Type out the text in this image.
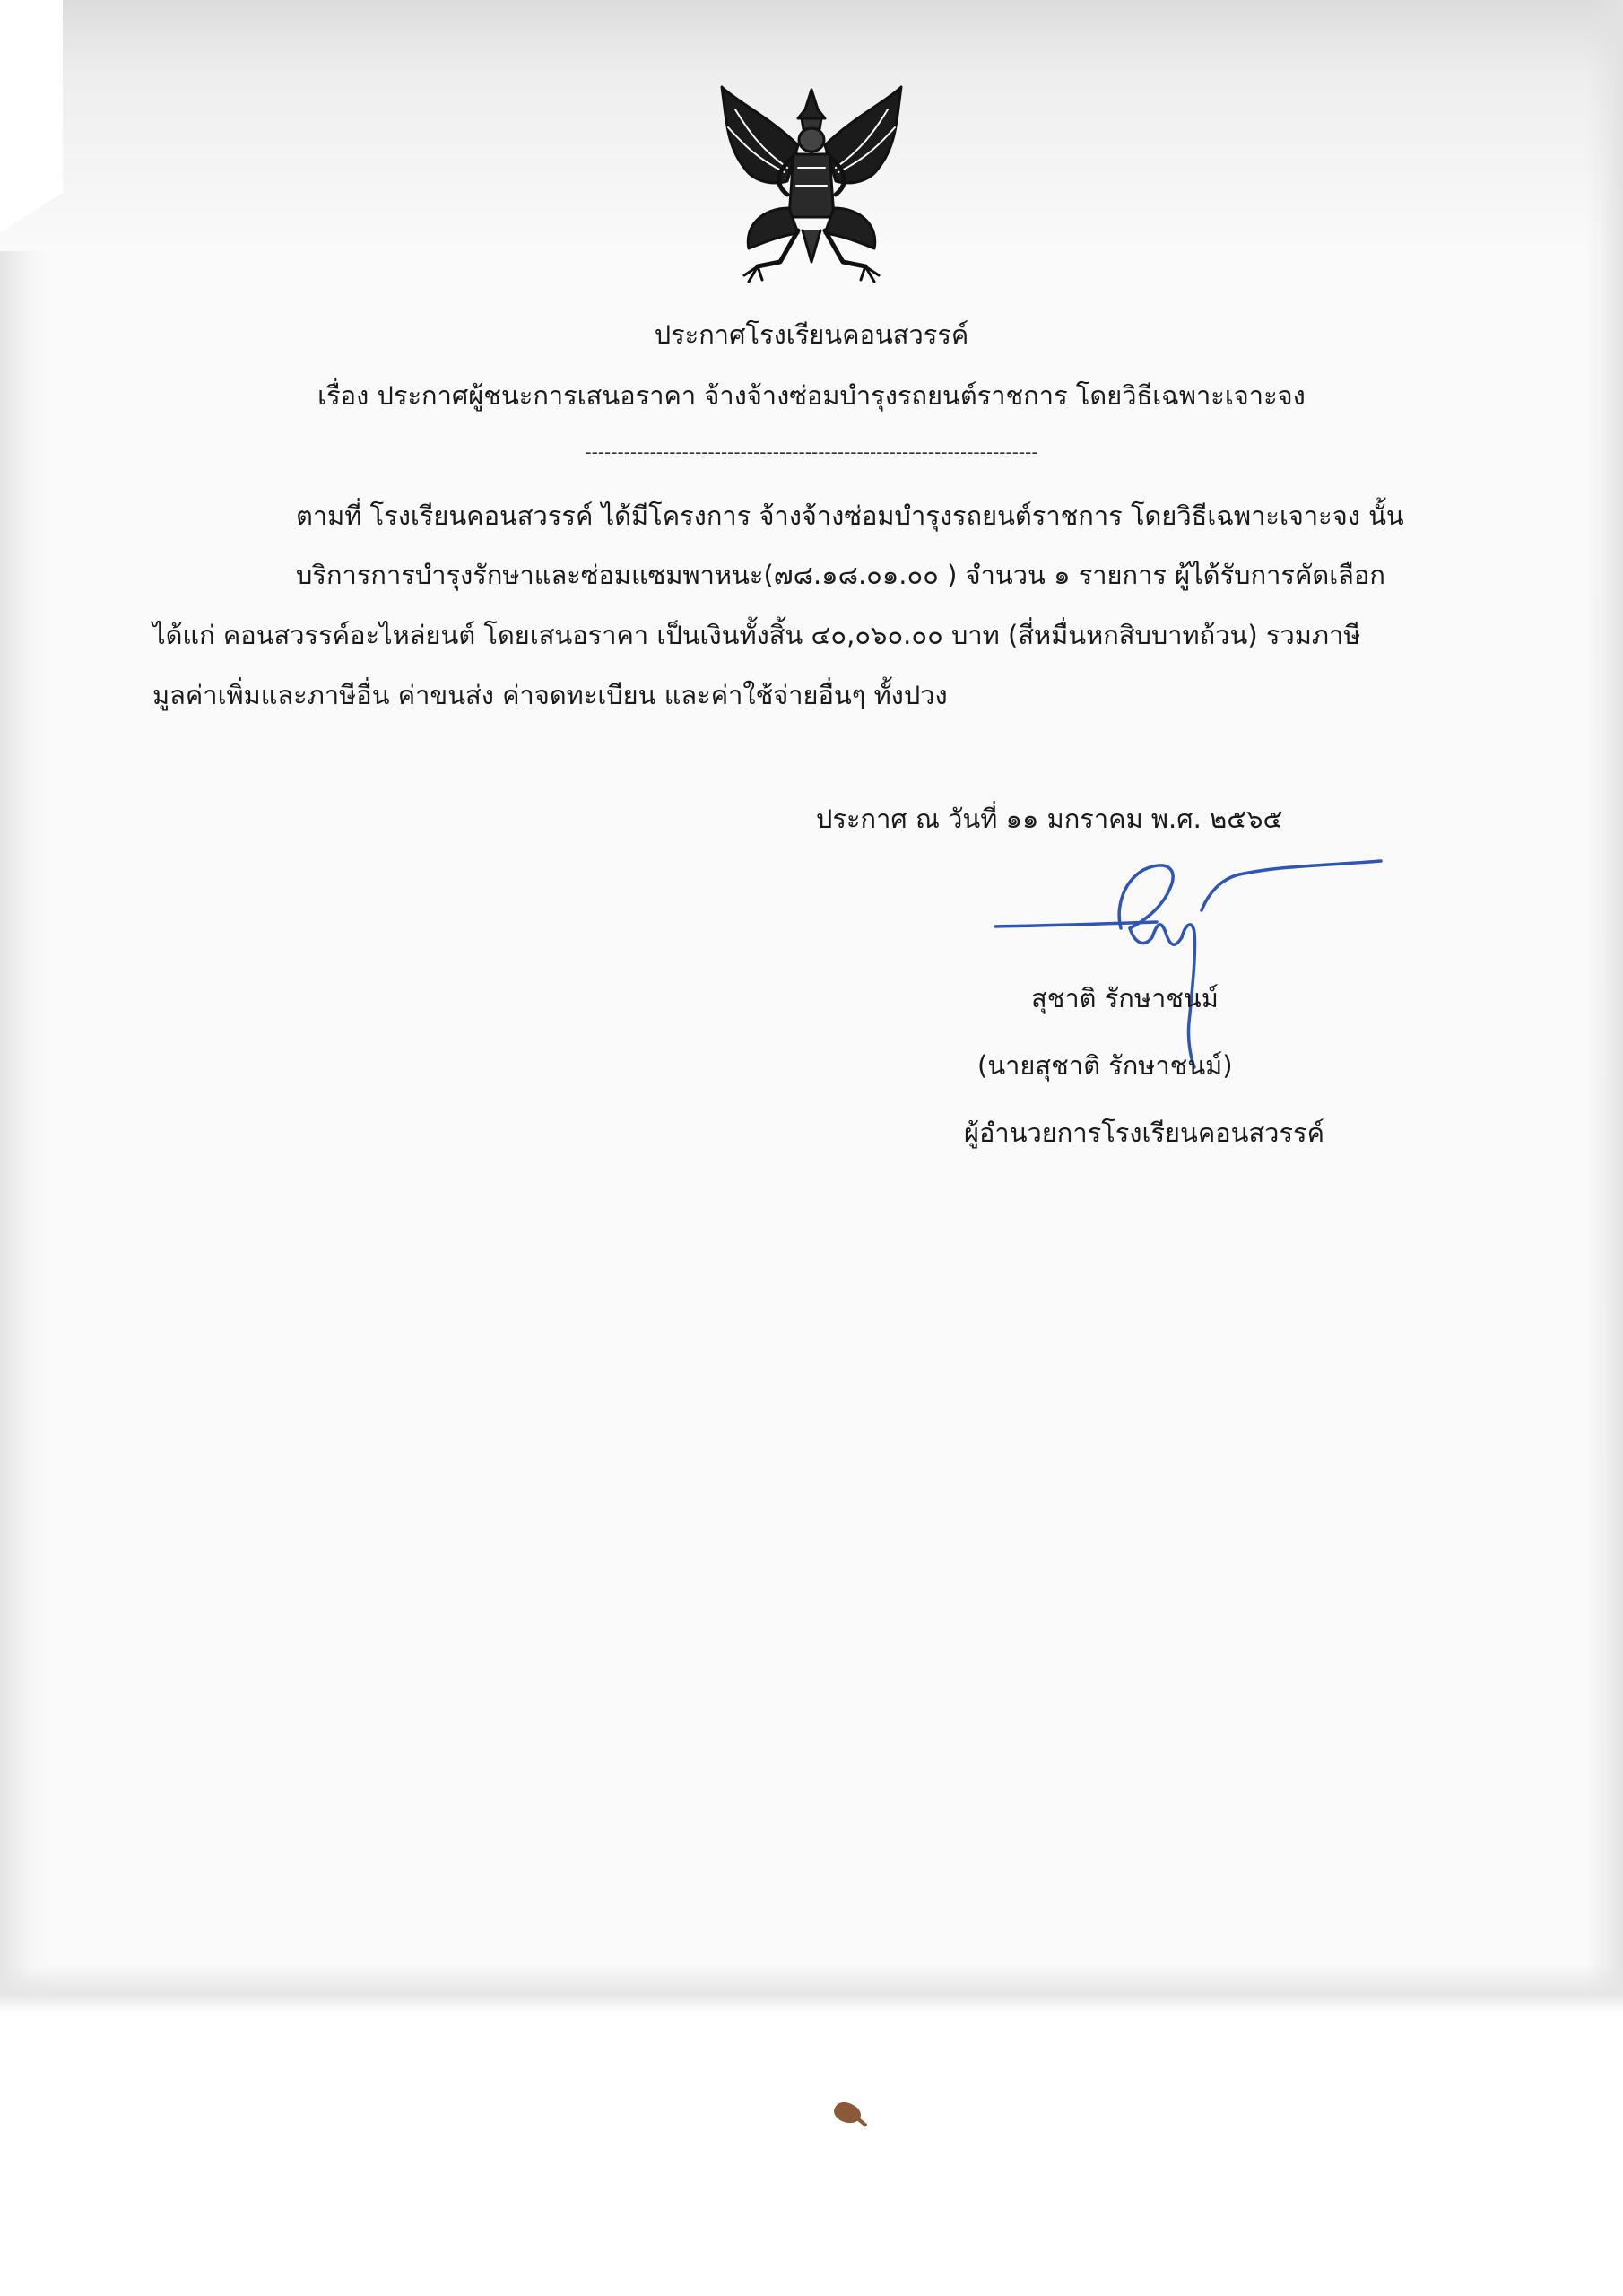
ประกาศโรงเรียนคอนสวรรค์
เรื่อง ประกาศผู้ชนะการเสนอราคา จ้างจ้างซ่อมบำรุงรถยนต์ราชการ โดยวิธีเฉพาะเจาะจง
----------------------------------------------------------------------
ตามที่ โรงเรียนคอนสวรรค์ ได้มีโครงการ จ้างจ้างซ่อมบำรุงรถยนต์ราชการ โดยวิธีเฉพาะเจาะจง นั้น
บริการการบำรุงรักษาและซ่อมแซมพาหนะ(๗๘.๑๘.๐๑.๐๐ ) จำนวน ๑ รายการ ผู้ได้รับการคัดเลือก
ได้แก่ คอนสวรรค์อะไหล่ยนต์ โดยเสนอราคา เป็นเงินทั้งสิ้น ๔๐,๐๖๐.๐๐ บาท (สี่หมื่นหกสิบบาทถ้วน) รวมภาษี
มูลค่าเพิ่มและภาษีอื่น ค่าขนส่ง ค่าจดทะเบียน และค่าใช้จ่ายอื่นๆ ทั้งปวง
ประกาศ ณ วันที่ ๑๑ มกราคม พ.ศ. ๒๕๖๕
สุชาติ รักษาชนม์
(นายสุชาติ รักษาชนม์)
ผู้อำนวยการโรงเรียนคอนสวรรค์
